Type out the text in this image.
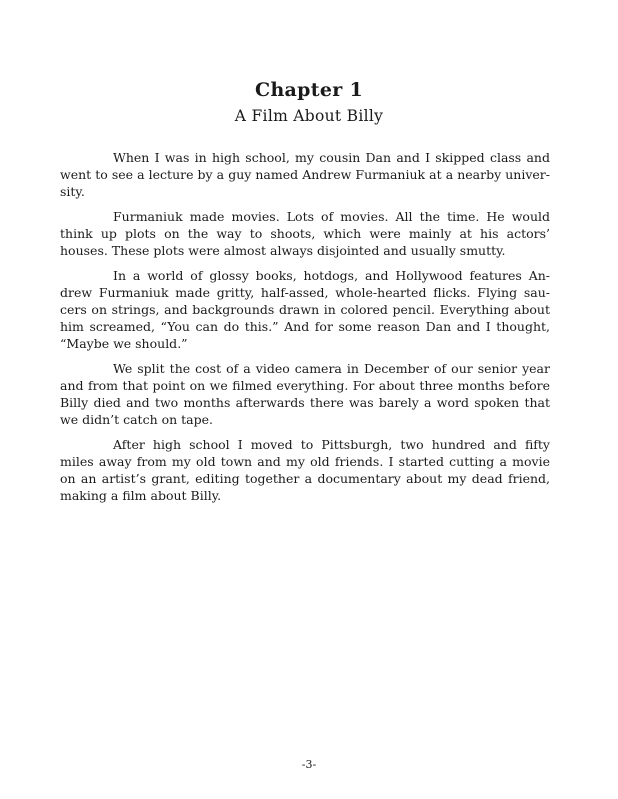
Chapter 1
A Film About Billy

When I was in high school, my cousin Dan and I skipped class and
went to see a lecture by a guy named Andrew Furmaniuk at a nearby univer-
sity.

Furmaniuk made movies. Lots of movies. All the time. He would
think up plots on the way to shoots, which were mainly at his actors’
houses. These plots were almost always disjointed and usually smutty.

In a world of glossy books, hotdogs, and Hollywood features An-
drew Furmaniuk made gritty, half-assed, whole-hearted flicks. Flying sau-
cers on strings, and backgrounds drawn in colored pencil. Everything about
him screamed, “You can do this.” And for some reason Dan and I thought,
“Maybe we should.”

We split the cost of a video camera in December of our senior year
and from that point on we filmed everything. For about three months before
Billy died and two months afterwards there was barely a word spoken that
we didn’t catch on tape.

After high school I moved to Pittsburgh, two hundred and fifty
miles away from my old town and my old friends. I started cutting a movie
on an artist’s grant, editing together a documentary about my dead friend,
making a film about Billy.

-3-
